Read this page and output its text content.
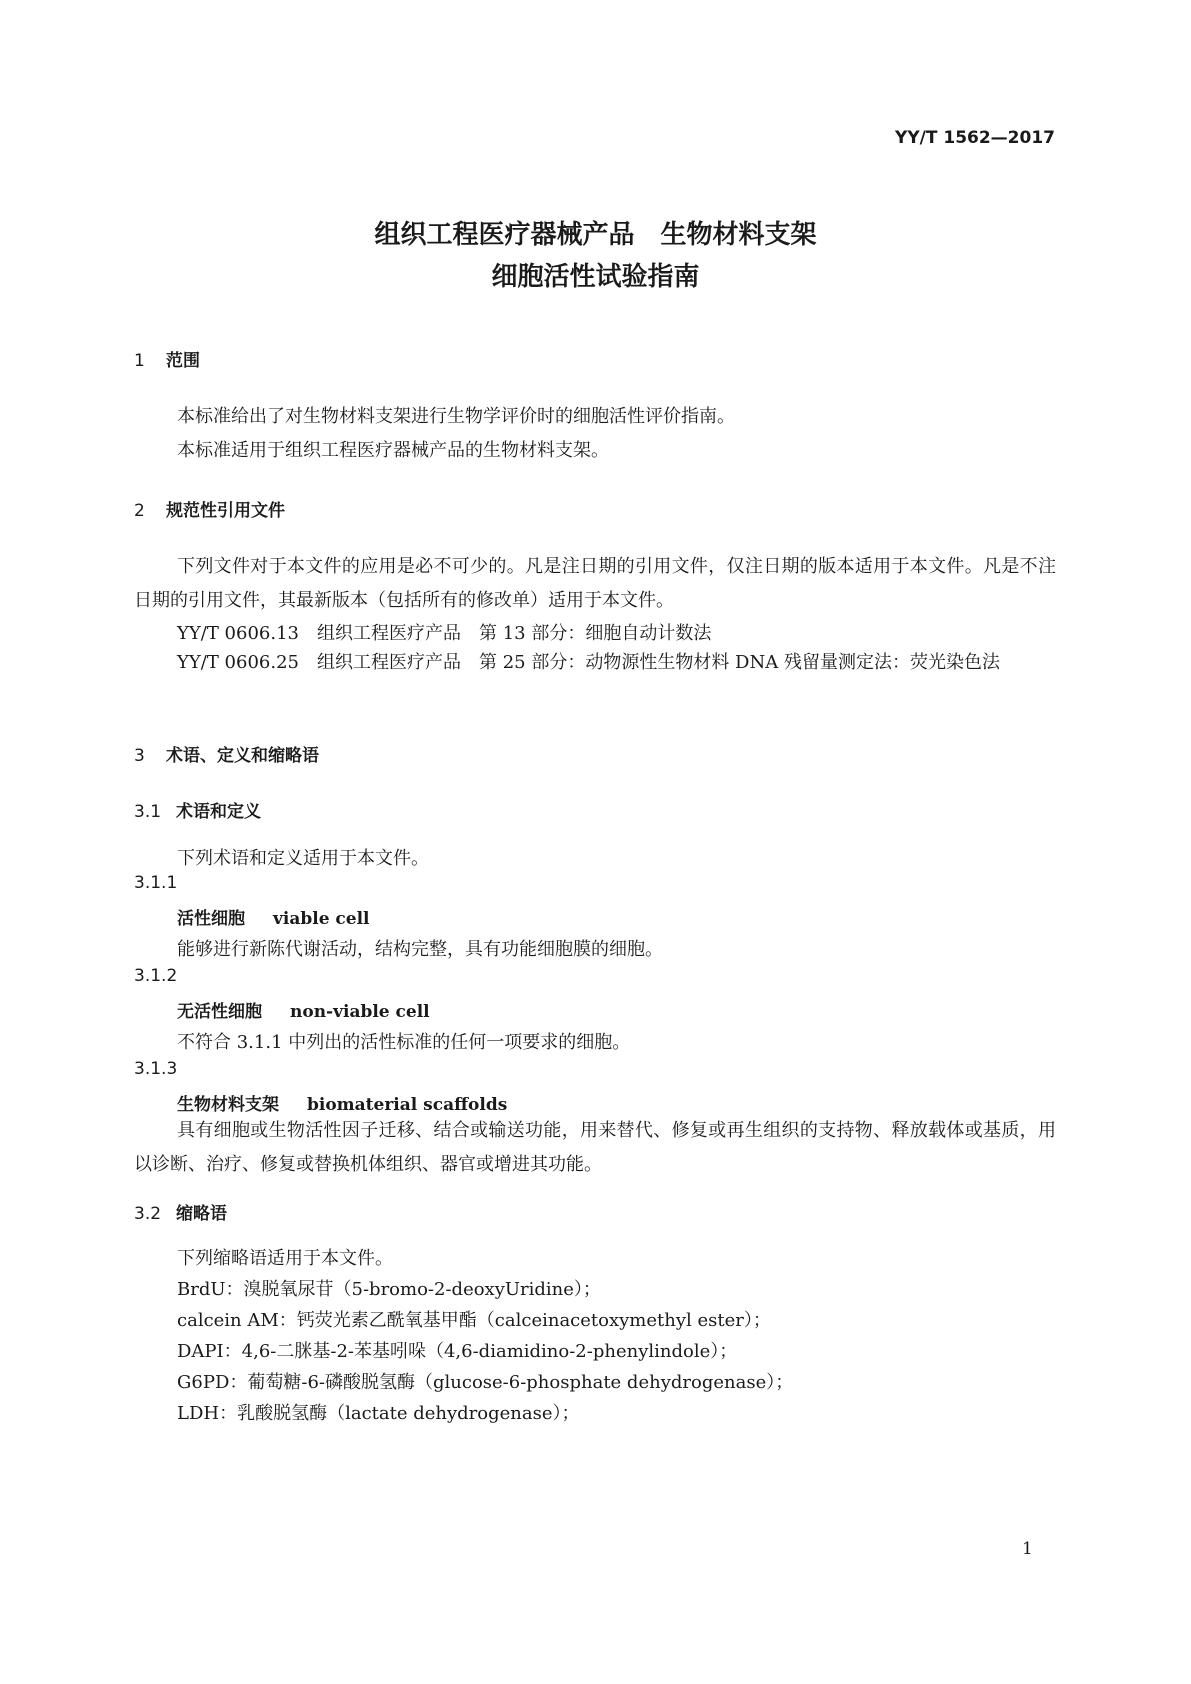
YY/T 1562—2017
组织工程医疗器械产品　生物材料支架
细胞活性试验指南
1 范围
本标准给出了对生物材料支架进行生物学评价时的细胞活性评价指南。
本标准适用于组织工程医疗器械产品的生物材料支架。
2 规范性引用文件
下列文件对于本文件的应用是必不可少的。凡是注日期的引用文件，仅注日期的版本适用于本文件。凡是不注日期的引用文件，其最新版本（包括所有的修改单）适用于本文件。
YY/T 0606.13　组织工程医疗产品　第 13 部分：细胞自动计数法
YY/T 0606.25　组织工程医疗产品　第 25 部分：动物源性生物材料 DNA 残留量测定法：荧光染色法
3 术语、定义和缩略语
3.1 术语和定义
下列术语和定义适用于本文件。
3.1.1
活性细胞 viable cell
能够进行新陈代谢活动，结构完整，具有功能细胞膜的细胞。
3.1.2
无活性细胞 non-viable cell
不符合 3.1.1 中列出的活性标准的任何一项要求的细胞。
3.1.3
生物材料支架 biomaterial scaffolds
具有细胞或生物活性因子迁移、结合或输送功能，用来替代、修复或再生组织的支持物、释放载体或基质，用以诊断、治疗、修复或替换机体组织、器官或增进其功能。
3.2 缩略语
下列缩略语适用于本文件。
BrdU：溴脱氧尿苷（5-bromo-2-deoxyUridine）；
calcein AM：钙荧光素乙酰氧基甲酯（calceinacetoxymethyl ester）；
DAPI：4,6-二脒基-2-苯基吲哚（4,6-diamidino-2-phenylindole）；
G6PD：葡萄糖-6-磷酸脱氢酶（glucose-6-phosphate dehydrogenase）；
LDH：乳酸脱氢酶（lactate dehydrogenase）；
1
